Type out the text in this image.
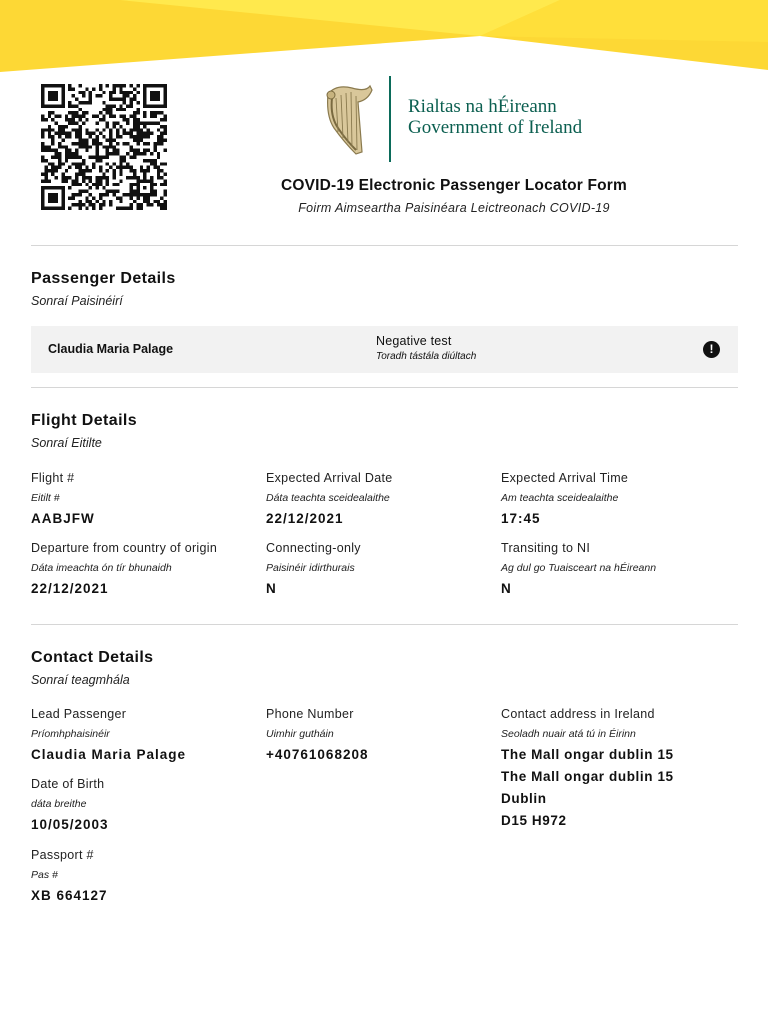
Rialtas na hÉireann
Government of Ireland
COVID-19 Electronic Passenger Locator Form
Foirm Aimseartha Paisinéara Leictreonach COVID-19
Passenger Details
Sonraí Paisinéirí
Claudia Maria Palage
Negative test
Toradh tástála diúltach
!
Flight Details
Sonraí Eitilte
Flight #
Eitilt #
AABJFW
Expected Arrival Date
Dáta teachta sceidealaithe
22/12/2021
Expected Arrival Time
Am teachta sceidealaithe
17:45
Departure from country of origin
Dáta imeachta ón tír bhunaidh
22/12/2021
Connecting-only
Paisinéir idirthurais
N
Transiting to NI
Ag dul go Tuaisceart na hÉireann
N
Contact Details
Sonraí teagmhála
Lead Passenger
Príomhphaisinéir
Claudia Maria Palage
Phone Number
Uimhir gutháin
+40761068208
Contact address in Ireland
Seoladh nuair atá tú in Éirinn
The Mall ongar dublin 15
The Mall ongar dublin 15
Dublin
D15 H972
Date of Birth
dáta breithe
10/05/2003
Passport #
Pas #
XB 664127
